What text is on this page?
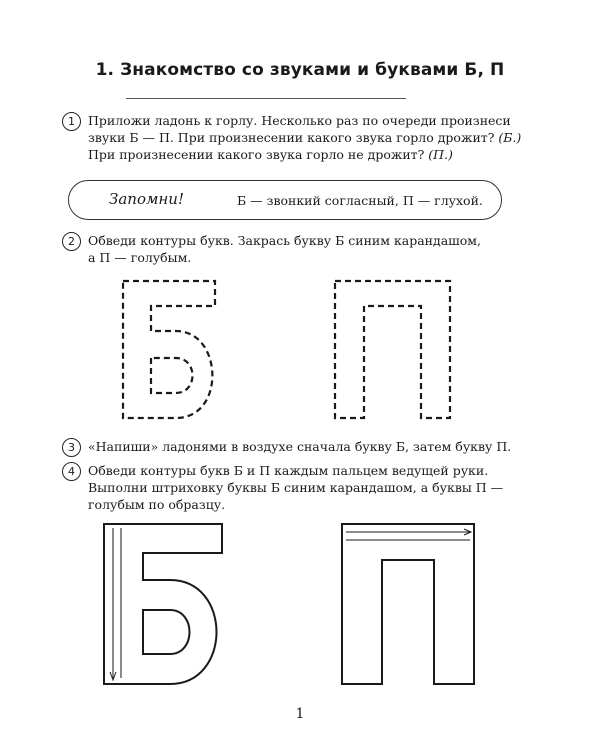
1. Знакомство со звуками и буквами Б, П
1	Приложи ладонь к горлу. Несколько раз по очереди произнеси

звуки Б — П. При произнесении какого звука горло дрожит? (Б.)

При произнесении какого звука горло не дрожит? (П.)

Запомни!	Б — звонкий согласный, П — глухой.
2	Обведи контуры букв. Закрась букву Б синим карандашом,

а П — голубым.

3	«Напиши» ладонями в воздухе сначала букву Б, затем букву П.

4	Обведи контуры букв Б и П каждым пальцем ведущей руки.

Выполни штриховку буквы Б синим карандашом, а буквы П —

голубым по образцу.

1
